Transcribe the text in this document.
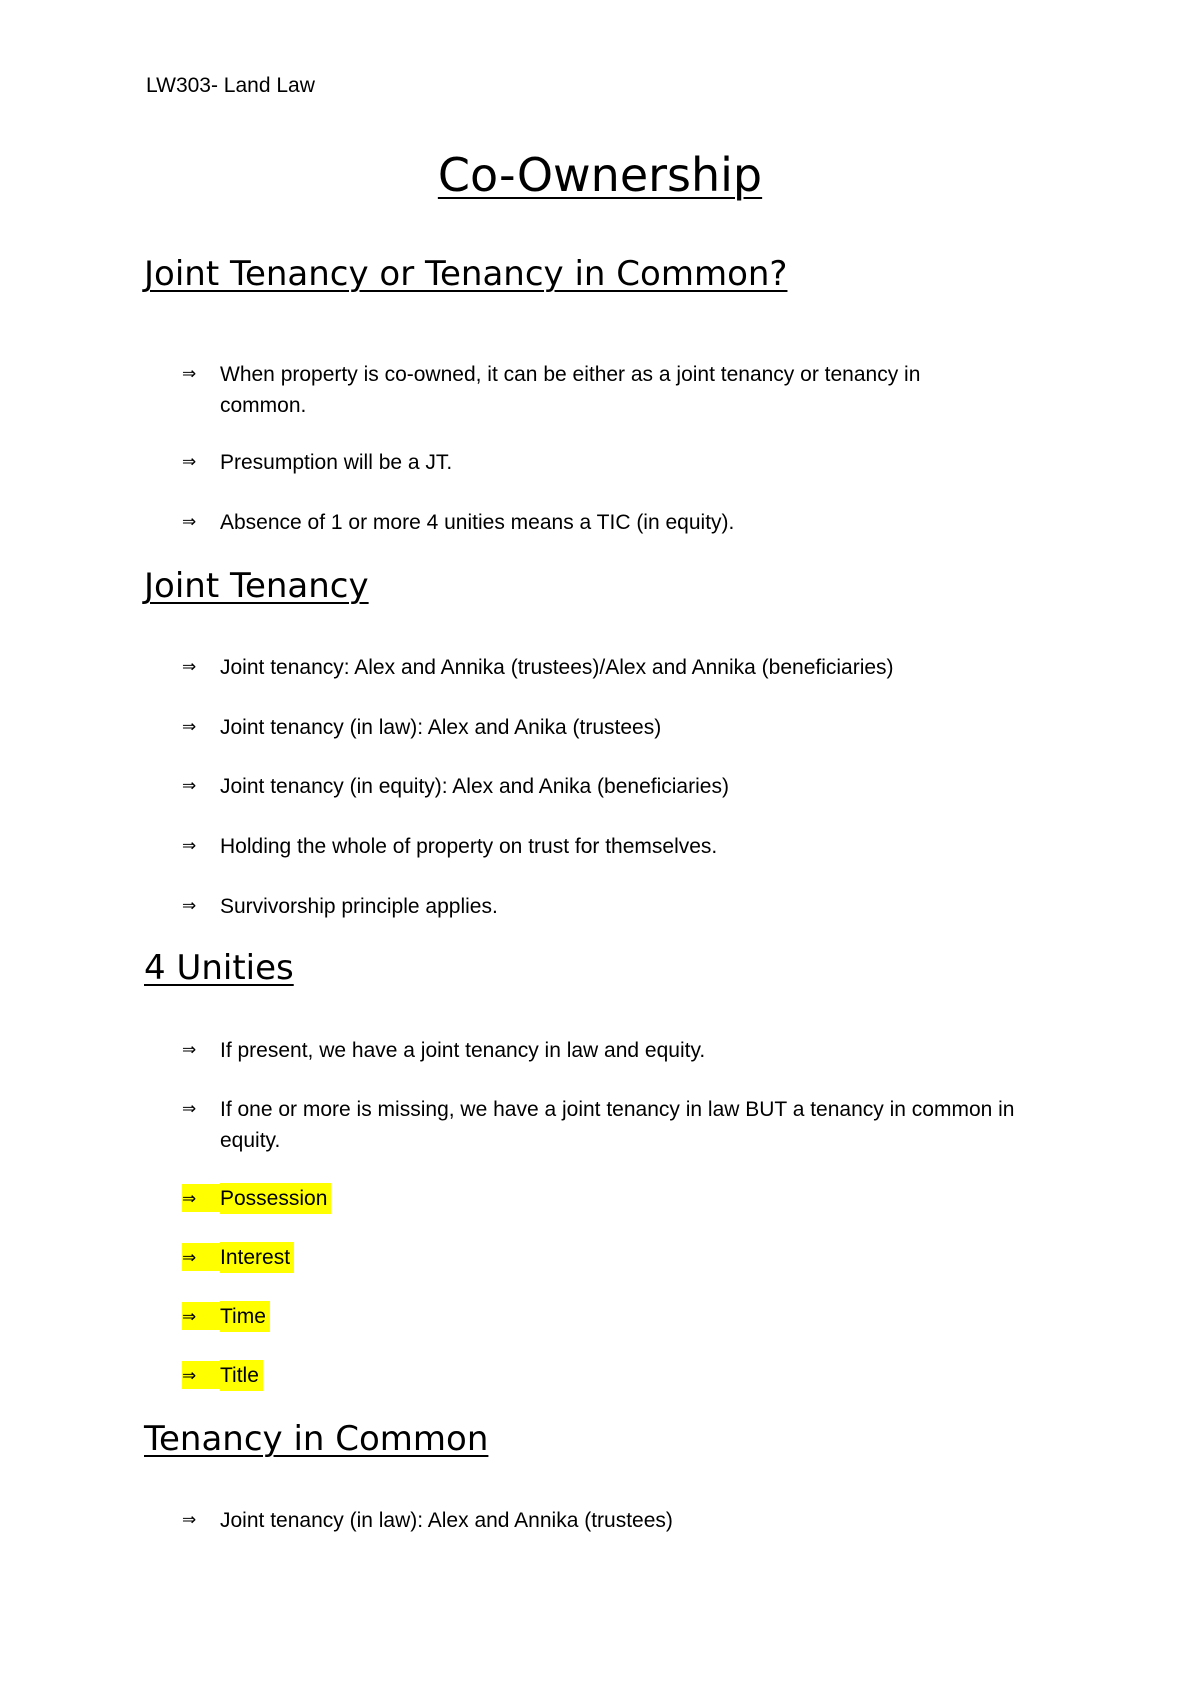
LW303- Land Law
Co-Ownership
Joint Tenancy or Tenancy in Common?
⇒	When property is co-owned, it can be either as a joint tenancy or tenancy in common.
⇒	Presumption will be a JT.
⇒	Absence of 1 or more 4 unities means a TIC (in equity).
Joint Tenancy
⇒	Joint tenancy: Alex and Annika (trustees)/Alex and Annika (beneficiaries)
⇒	Joint tenancy (in law): Alex and Anika (trustees)
⇒	Joint tenancy (in equity): Alex and Anika (beneficiaries)
⇒	Holding the whole of property on trust for themselves.
⇒	Survivorship principle applies.
4 Unities
⇒	If present, we have a joint tenancy in law and equity.
⇒	If one or more is missing, we have a joint tenancy in law BUT a tenancy in common in equity.
⇒	Possession
⇒	Interest
⇒	Time
⇒	Title
Tenancy in Common
⇒	Joint tenancy (in law): Alex and Annika (trustees)
